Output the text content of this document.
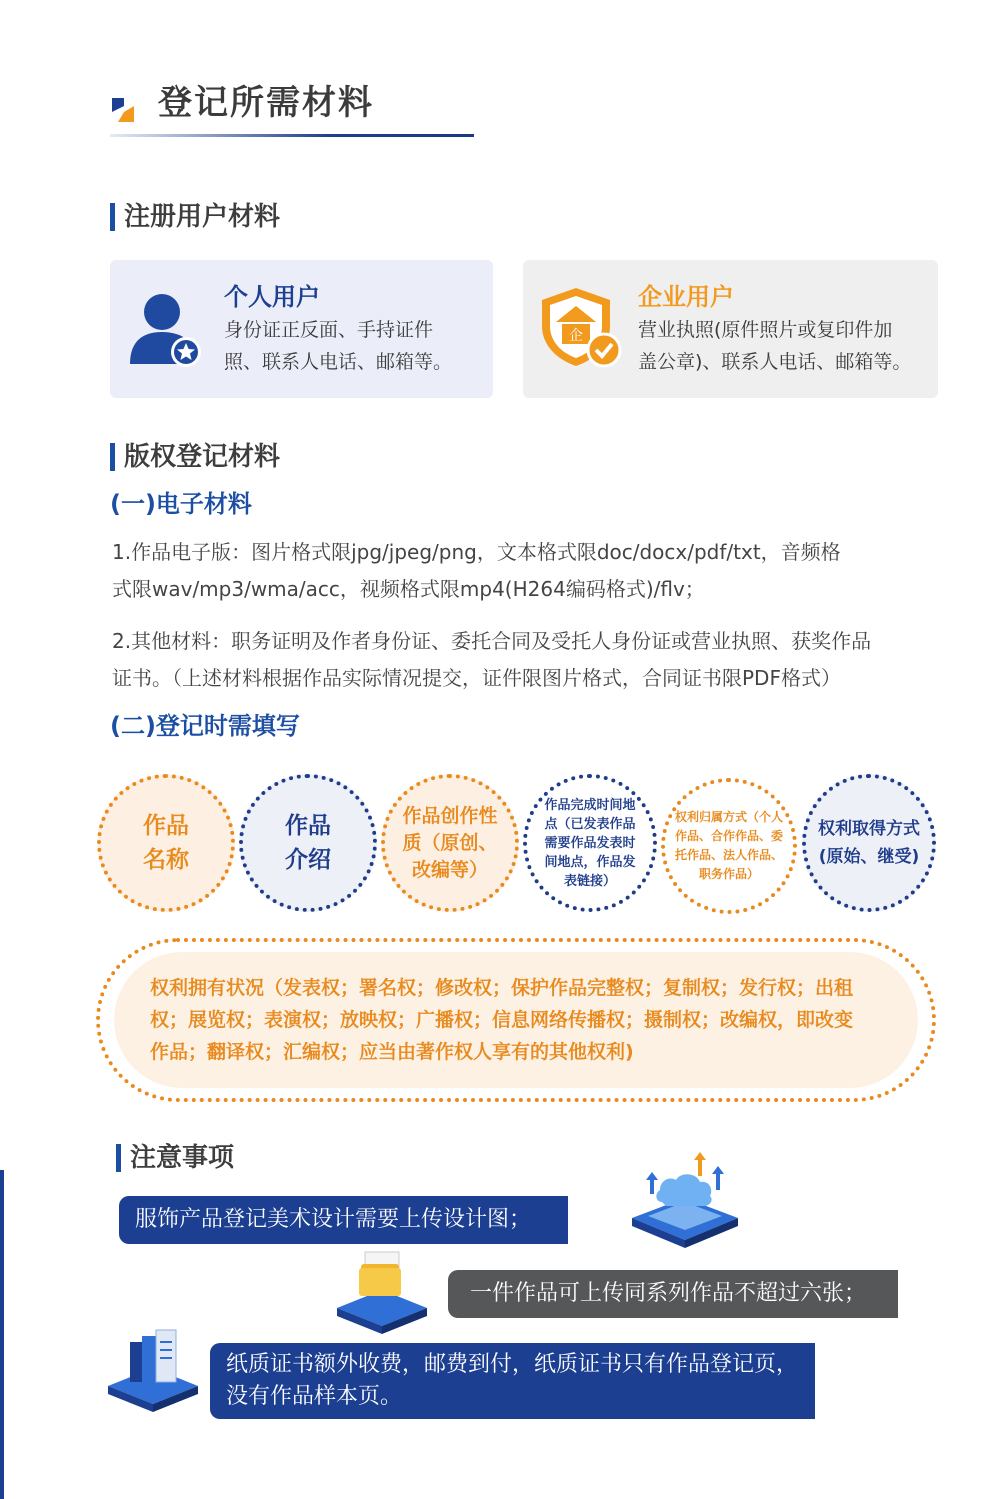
登记所需材料
注册用户材料
个人用户
身份证正反面、手持证件
照、联系人电话、邮箱等。
企
企业用户
营业执照(原件照片或复印件加
盖公章)、联系人电话、邮箱等。
版权登记材料
(一)电子材料
1.作品电子版：图片格式限jpg/jpeg/png，文本格式限doc/docx/pdf/txt，音频格
式限wav/mp3/wma/acc，视频格式限mp4(H264编码格式)/flv；
2.其他材料：职务证明及作者身份证、委托合同及受托人身份证或营业执照、获奖作品
证书。（上述材料根据作品实际情况提交，证件限图片格式，合同证书限PDF格式）
(二)登记时需填写
作品
名称
作品
介绍
作品创作性
质（原创、
改编等）
作品完成时间地
点（已发表作品
需要作品发表时
间地点，作品发
表链接）
权利归属方式（个人
作品、合作作品、委
托作品、法人作品、
职务作品）
权利取得方式
(原始、继受)
权利拥有状况（发表权；署名权；修改权；保护作品完整权；复制权；发行权；出租
权；展览权；表演权；放映权；广播权；信息网络传播权；摄制权；改编权，即改变
作品；翻译权；汇编权；应当由著作权人享有的其他权利)
注意事项
服饰产品登记美术设计需要上传设计图；
一件作品可上传同系列作品不超过六张；
纸质证书额外收费，邮费到付，纸质证书只有作品登记页，
没有作品样本页。
